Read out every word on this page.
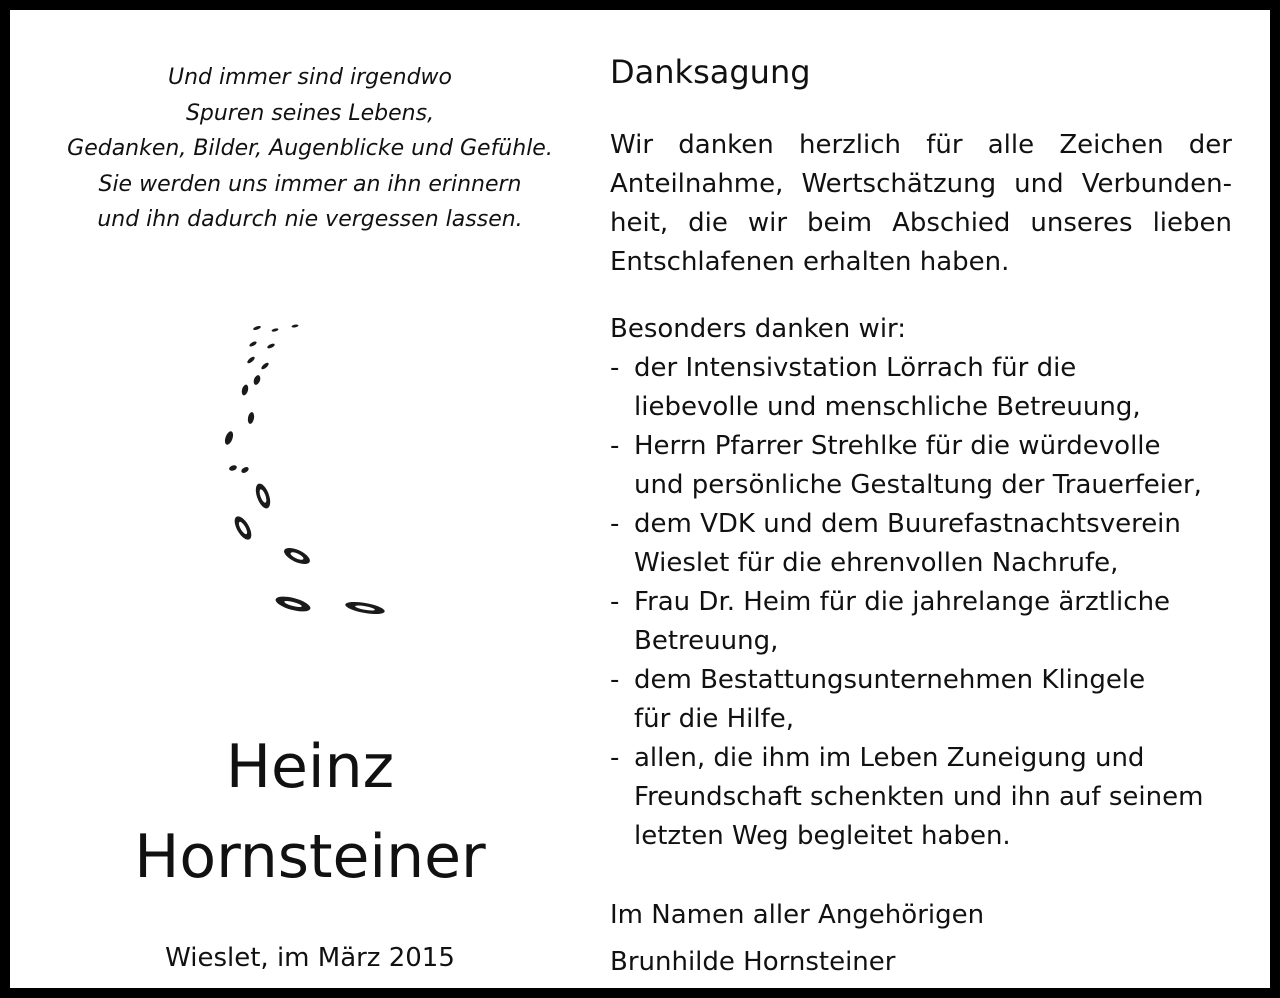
Und immer sind irgendwo
Spuren seines Lebens,
Gedanken, Bilder, Augenblicke und Gefühle.
Sie werden uns immer an ihn erinnern
und ihn dadurch nie vergessen lassen.
Heinz
Hornsteiner
Wieslet, im März 2015
Danksagung
Wir danken herzlich für alle Zeichen der
Anteilnahme, Wertschätzung und Verbunden-
heit, die wir beim Abschied unseres lieben
Entschlafenen erhalten haben.
Besonders danken wir:
- der Intensivstation Lörrach für die
liebevolle und menschliche Betreuung,
- Herrn Pfarrer Strehlke für die würdevolle
und persönliche Gestaltung der Trauerfeier,
- dem VDK und dem Buurefastnachtsverein
Wieslet für die ehrenvollen Nachrufe,
- Frau Dr. Heim für die jahrelange ärztliche
Betreuung,
- dem Bestattungsunternehmen Klingele
für die Hilfe,
- allen, die ihm im Leben Zuneigung und
Freundschaft schenkten und ihn auf seinem
letzten Weg begleitet haben.
Im Namen aller Angehörigen
Brunhilde Hornsteiner
